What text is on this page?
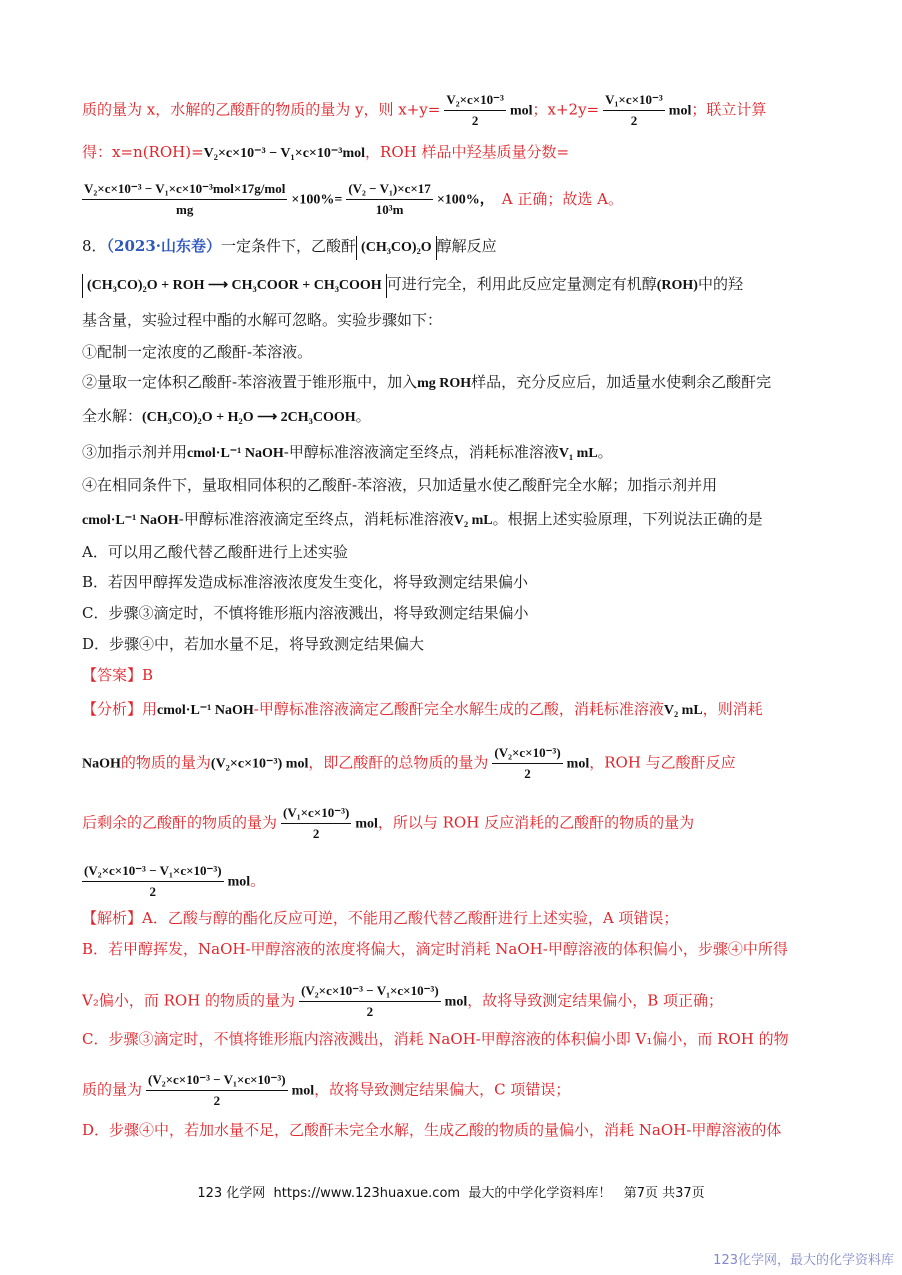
质的量为 x，水解的乙酸酐的物质的量为 y，则 $x+y= \frac{\text{V₂×c×10⁻³}}{2}$ mol；$x+2y= \frac{\text{V₁×c×10⁻³}}{2}$ mol；联立计算
得：x=n(ROH)=V₂×c×10⁻³ − V₁×c×10⁻³mol，ROH 样品中羟基质量分数=
$\frac{\text{V₂×c×10⁻³ − V₁×c×10⁻³mol×17g/mol}}{mg} \times 100\%= \frac{\text{(V₂ − V₁)×c×17}}{\text{10³m}} \times 100\%$， A 正确；故选 A。
8．（2023·山东卷）一定条件下，乙酸酐 (CH₃CO)₂O 醇解反应
(CH₃CO)₂O + ROH ⟶ CH₃COOR + CH₃COOH 可进行完全，利用此反应定量测定有机醇(ROH)中的羟
基含量，实验过程中酯的水解可忽略。实验步骤如下：
①配制一定浓度的乙酸酐-苯溶液。
②量取一定体积乙酸酐-苯溶液置于锥形瓶中，加入mg ROH样品，充分反应后，加适量水使剩余乙酸酐完
全水解：(CH₃CO)₂O + H₂O ⟶ 2CH₃COOH。
③加指示剂并用cmol·L⁻¹ NaOH-甲醇标准溶液滴定至终点，消耗标准溶液V₁ mL。
④在相同条件下，量取相同体积的乙酸酐-苯溶液，只加适量水使乙酸酐完全水解；加指示剂并用
cmol·L⁻¹ NaOH-甲醇标准溶液滴定至终点，消耗标准溶液V₂ mL。根据上述实验原理，下列说法正确的是
A．可以用乙酸代替乙酸酐进行上述实验
B．若因甲醇挥发造成标准溶液浓度发生变化，将导致测定结果偏小
C．步骤③滴定时，不慎将锥形瓶内溶液溅出，将导致测定结果偏小
D．步骤④中，若加水量不足，将导致测定结果偏大
【答案】B
【分析】用cmol·L⁻¹ NaOH-甲醇标准溶液滴定乙酸酐完全水解生成的乙酸，消耗标准溶液V₂ mL，则消耗
NaOH的物质的量为(V₂×c×10⁻³) mol，即乙酸酐的总物质的量为 $\frac{\text{(V₂×c×10⁻³)}}{2}$ mol，ROH 与乙酸酐反应
后剩余的乙酸酐的物质的量为 $\frac{\text{(V₁×c×10⁻³)}}{2}$ mol，所以与 ROH 反应消耗的乙酸酐的物质的量为
$\frac{\text{(V₂×c×10⁻³ − V₁×c×10⁻³)}}{2}$ mol。
【解析】A．乙酸与醇的酯化反应可逆，不能用乙酸代替乙酸酐进行上述实验，A 项错误；
B．若甲醇挥发，NaOH-甲醇溶液的浓度将偏大，滴定时消耗 NaOH-甲醇溶液的体积偏小，步骤④中所得
V₂偏小，而 ROH 的物质的量为 $\frac{\text{(V₂×c×10⁻³ − V₁×c×10⁻³)}}{2}$ mol，故将导致测定结果偏小，B 项正确；
C．步骤③滴定时，不慎将锥形瓶内溶液溅出，消耗 NaOH-甲醇溶液的体积偏小即 V₁偏小，而 ROH 的物
质的量为 $\frac{\text{(V₂×c×10⁻³ − V₁×c×10⁻³)}}{2}$ mol，故将导致测定结果偏大，C 项错误；
D．步骤④中，若加水量不足，乙酸酐未完全水解，生成乙酸的物质的量偏小，消耗 NaOH-甲醇溶液的体
123 化学网  https://www.123huaxue.com  最大的中学化学资料库！   第7页 共37页
123化学网，最大的化学资料库
